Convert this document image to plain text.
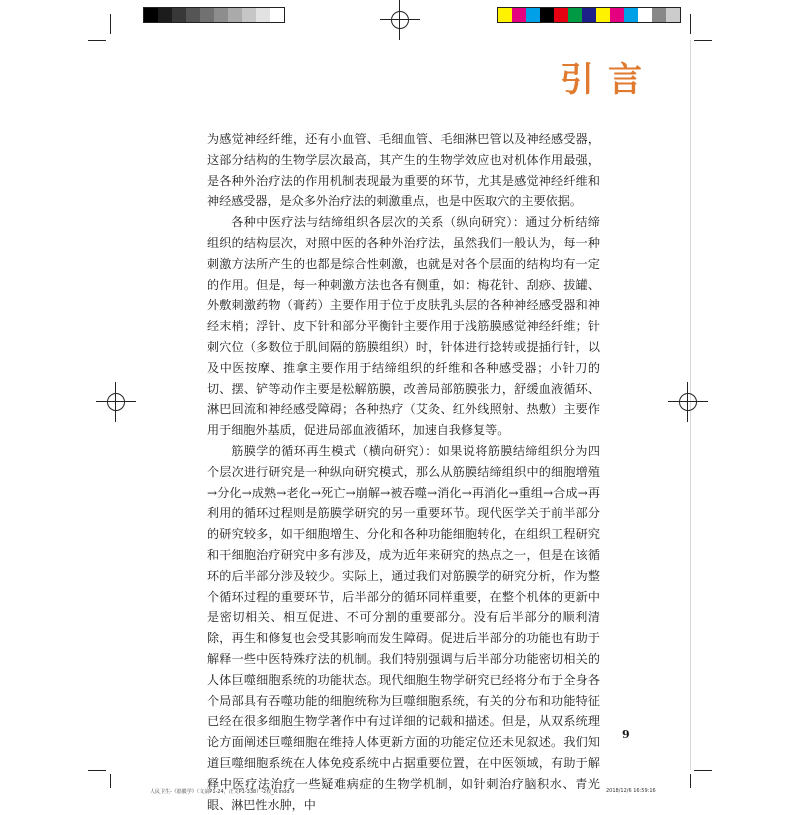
引言

为感觉神经纤维，还有小血管、毛细血管、毛细淋巴管以及神经感受器，这部分结构的生物学层次最高，其产生的生物学效应也对机体作用最强，是各种外治疗法的作用机制表现最为重要的环节，尤其是感觉神经纤维和神经感受器，是众多外治疗法的刺激重点，也是中医取穴的主要依据。

各种中医疗法与结缔组织各层次的关系（纵向研究）：通过分析结缔组织的结构层次，对照中医的各种外治疗法，虽然我们一般认为，每一种刺激方法所产生的也都是综合性刺激，也就是对各个层面的结构均有一定的作用。但是，每一种刺激方法也各有侧重，如：梅花针、刮痧、拔罐、外敷刺激药物（膏药）主要作用于位于皮肤乳头层的各种神经感受器和神经末梢；浮针、皮下针和部分平衡针主要作用于浅筋膜感觉神经纤维；针刺穴位（多数位于肌间隔的筋膜组织）时，针体进行捻转或提插行针，以及中医按摩、推拿主要作用于结缔组织的纤维和各种感受器；小针刀的切、摆、铲等动作主要是松解筋膜，改善局部筋膜张力，舒缓血液循环、淋巴回流和神经感受障碍；各种热疗（艾灸、红外线照射、热敷）主要作用于细胞外基质，促进局部血液循环，加速自我修复等。

筋膜学的循环再生模式（横向研究）：如果说将筋膜结缔组织分为四个层次进行研究是一种纵向研究模式，那么从筋膜结缔组织中的细胞增殖→分化→成熟→老化→死亡→崩解→被吞噬→消化→再消化→重组→合成→再利用的循环过程则是筋膜学研究的另一重要环节。现代医学关于前半部分的研究较多，如干细胞增生、分化和各种功能细胞转化，在组织工程研究和干细胞治疗研究中多有涉及，成为近年来研究的热点之一，但是在该循环的后半部分涉及较少。实际上，通过我们对筋膜学的研究分析，作为整个循环过程的重要环节，后半部分的循环同样重要，在整个机体的更新中是密切相关、相互促进、不可分割的重要部分。没有后半部分的顺利清除，再生和修复也会受其影响而发生障碍。促进后半部分的功能也有助于解释一些中医特殊疗法的机制。我们特别强调与后半部分功能密切相关的人体巨噬细胞系统的功能状态。现代细胞生物学研究已经将分布于全身各个局部具有吞噬功能的细胞统称为巨噬细胞系统，有关的分布和功能特征已经在很多细胞生物学著作中有过详细的记载和描述。但是，从双系统理论方面阐述巨噬细胞在维持人体更新方面的功能定位还未见叙述。我们知道巨噬细胞系统在人体免疫系统中占据重要位置，在中医领域，有助于解释中医疗法治疗一些疑难病症的生物学机制，如针刺治疗脑积水、青光眼、淋巴性水肿，中

9
人民卫生-《筋膜学》（文前P1-24，正文P1-338）-2校_R.indd 9	2018/12/6 16:59:16
